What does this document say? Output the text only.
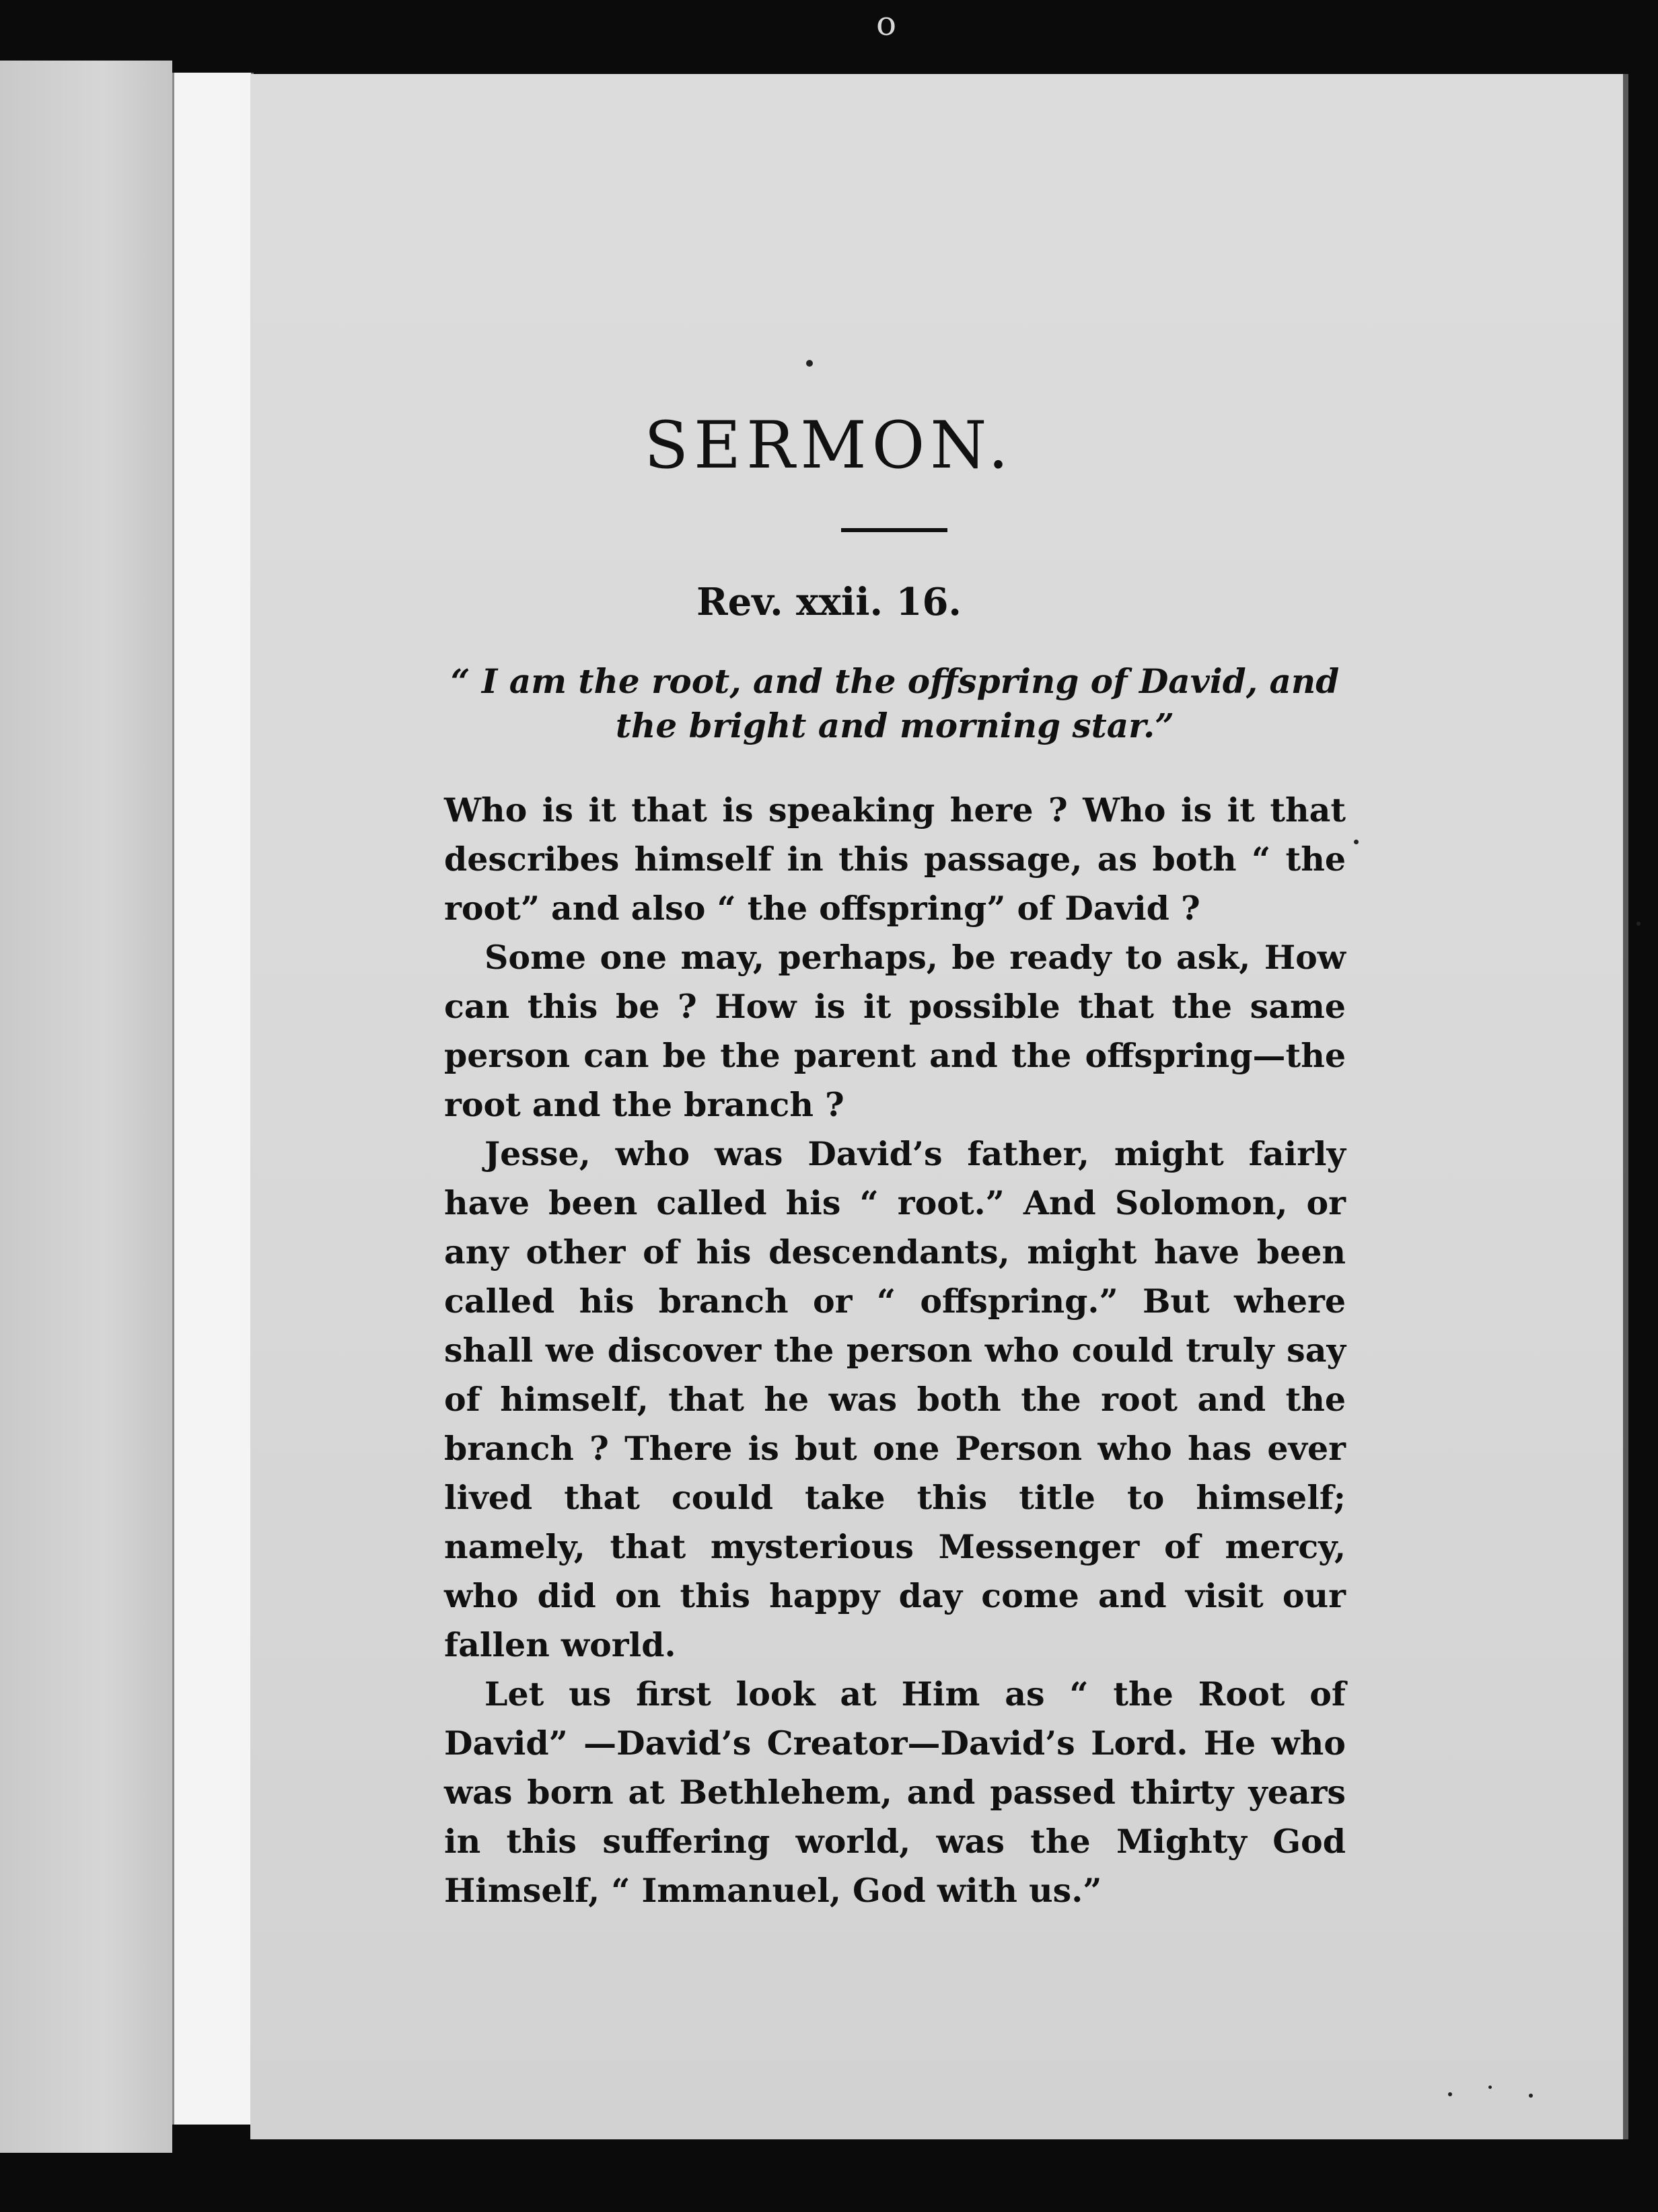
o
SERMON.
Rev. xxii. 16.

“ I am the root, and the offspring of David, and the bright and morning star.”

Who is it that is speaking here ? Who is it that describes himself in this passage, as both “ the root” and also “ the offspring” of David ?

Some one may, perhaps, be ready to ask, How can this be ? How is it possible that the same person can be the parent and the offspring—the root and the branch ?

Jesse, who was David’s father, might fairly have been called his “ root.” And Solomon, or any other of his descendants, might have been called his branch or “ offspring.” But where shall we discover the person who could truly say of himself, that he was both the root and the branch ? There is but one Person who has ever lived that could take this title to himself; namely, that mysterious Messenger of mercy, who did on this happy day come and visit our fallen world.

Let us first look at Him as “ the Root of David” —David’s Creator—David’s Lord. He who was born at Bethlehem, and passed thirty years in this suffering world, was the Mighty God Himself, “ Immanuel, God with us.”
